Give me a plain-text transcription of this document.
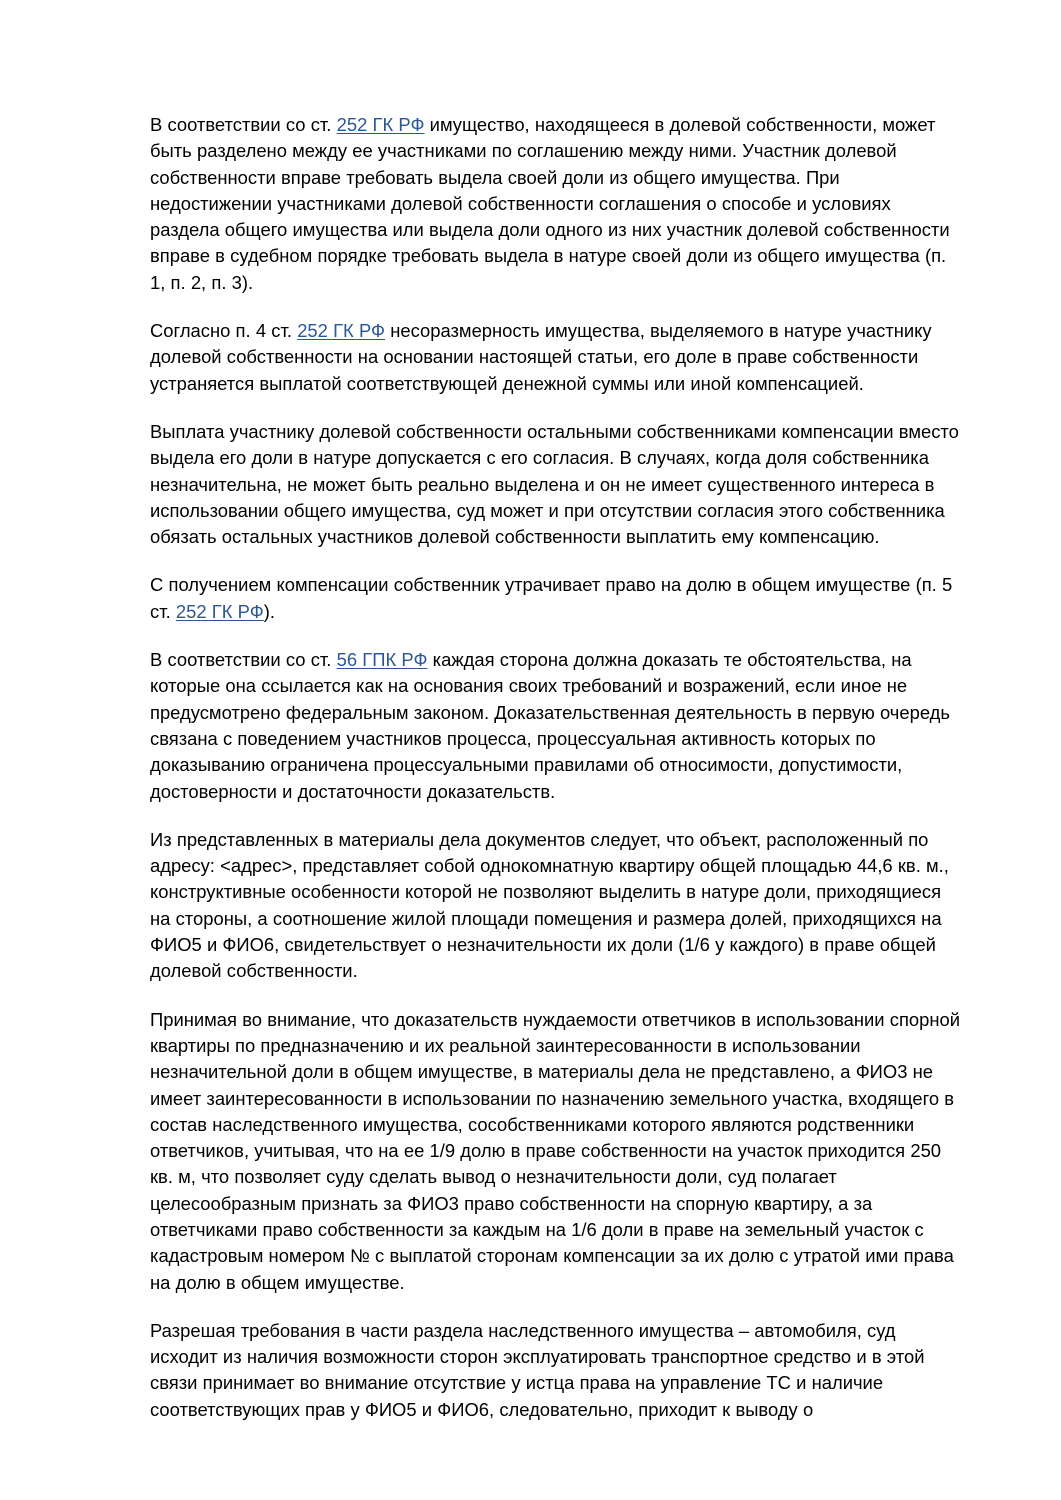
В соответствии со ст. 252 ГК РФ имущество, находящееся в долевой собственности, может быть разделено между ее участниками по соглашению между ними. Участник долевой собственности вправе требовать выдела своей доли из общего имущества. При недостижении участниками долевой собственности соглашения о способе и условиях раздела общего имущества или выдела доли одного из них участник долевой собственности вправе в судебном порядке требовать выдела в натуре своей доли из общего имущества (п. 1, п. 2, п. 3).

Согласно п. 4 ст. 252 ГК РФ несоразмерность имущества, выделяемого в натуре участнику долевой собственности на основании настоящей статьи, его доле в праве собственности устраняется выплатой соответствующей денежной суммы или иной компенсацией.

Выплата участнику долевой собственности остальными собственниками компенсации вместо выдела его доли в натуре допускается с его согласия. В случаях, когда доля собственника незначительна, не может быть реально выделена и он не имеет существенного интереса в использовании общего имущества, суд может и при отсутствии согласия этого собственника обязать остальных участников долевой собственности выплатить ему компенсацию.

С получением компенсации собственник утрачивает право на долю в общем имуществе (п. 5 ст. 252 ГК РФ).

В соответствии со ст. 56 ГПК РФ каждая сторона должна доказать те обстоятельства, на которые она ссылается как на основания своих требований и возражений, если иное не предусмотрено федеральным законом. Доказательственная деятельность в первую очередь связана с поведением участников процесса, процессуальная активность которых по доказыванию ограничена процессуальными правилами об относимости, допустимости, достоверности и достаточности доказательств.

Из представленных в материалы дела документов следует, что объект, расположенный по адресу: <адрес>, представляет собой однокомнатную квартиру общей площадью 44,6 кв. м., конструктивные особенности которой не позволяют выделить в натуре доли, приходящиеся на стороны, а соотношение жилой площади помещения и размера долей, приходящихся на ФИО5 и ФИО6, свидетельствует о незначительности их доли (1/6 у каждого) в праве общей долевой собственности.

Принимая во внимание, что доказательств нуждаемости ответчиков в использовании спорной квартиры по предназначению и их реальной заинтересованности в использовании незначительной доли в общем имуществе, в материалы дела не представлено, а ФИО3 не имеет заинтересованности в использовании по назначению земельного участка, входящего в состав наследственного имущества, сособственниками которого являются родственники ответчиков, учитывая, что на ее 1/9 долю в праве собственности на участок приходится 250 кв. м, что позволяет суду сделать вывод о незначительности доли, суд полагает целесообразным признать за ФИО3 право собственности на спорную квартиру, а за ответчиками право собственности за каждым на 1/6 доли в праве на земельный участок с кадастровым номером № с выплатой сторонам компенсации за их долю с утратой ими права на долю в общем имуществе.

Разрешая требования в части раздела наследственного имущества – автомобиля, суд исходит из наличия возможности сторон эксплуатировать транспортное средство и в этой связи принимает во внимание отсутствие у истца права на управление ТС и наличие соответствующих прав у ФИО5 и ФИО6, следовательно, приходит к выводу о
